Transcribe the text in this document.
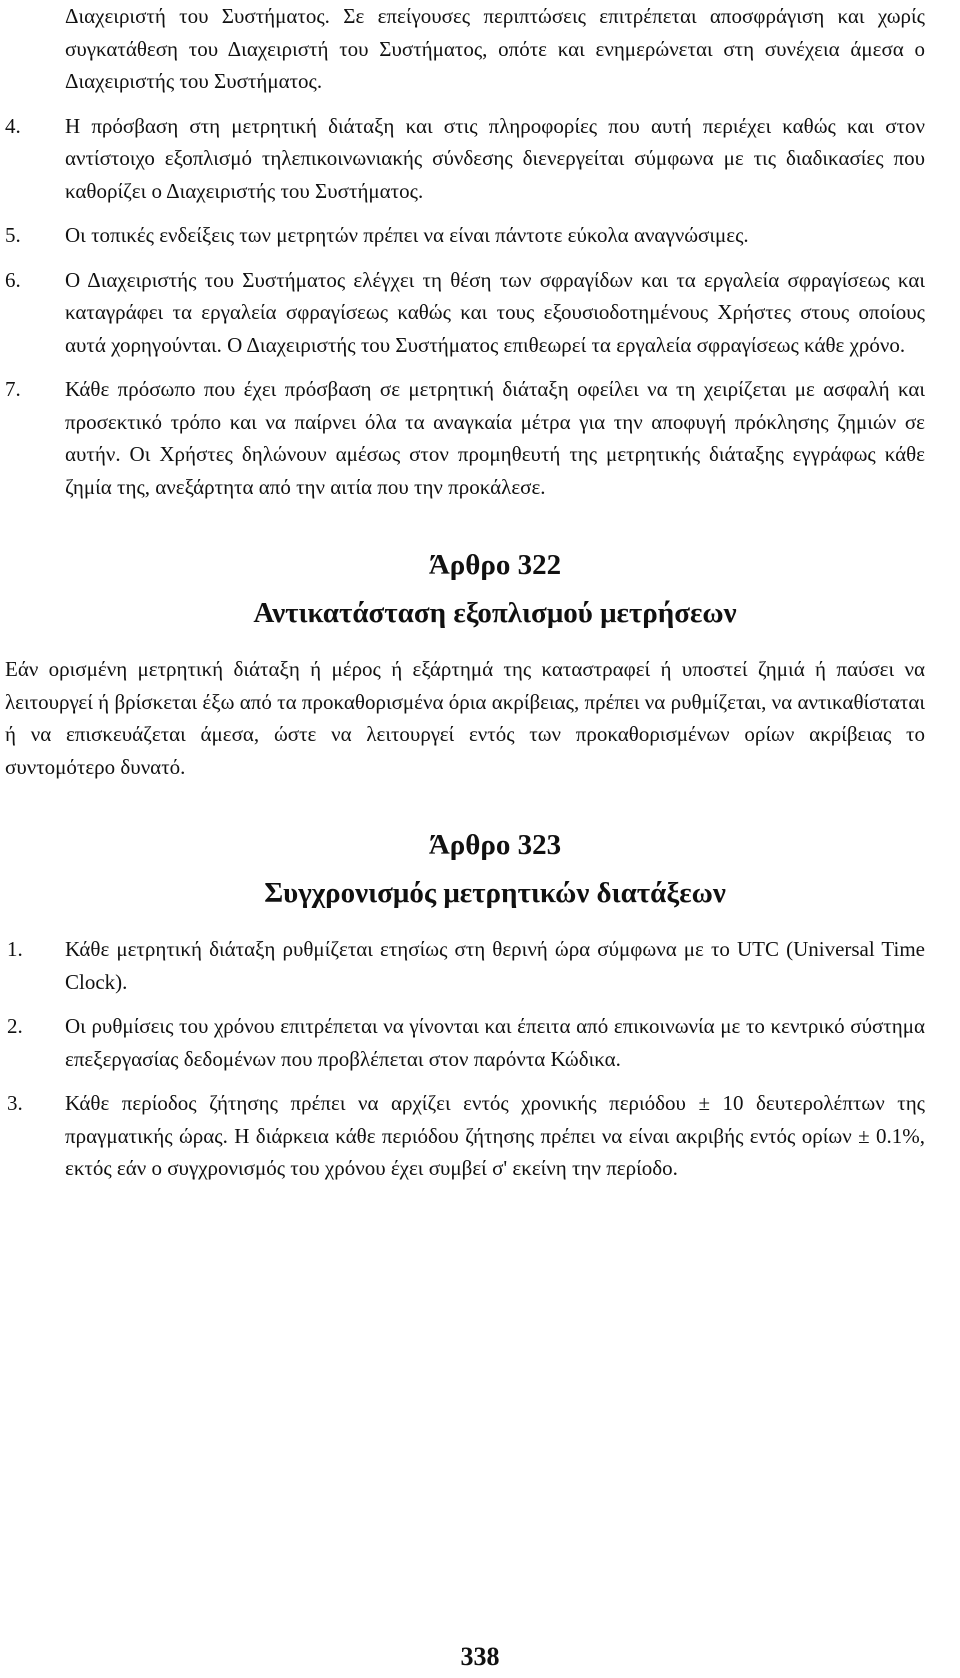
Διαχειριστή του Συστήματος. Σε επείγουσες περιπτώσεις επιτρέπεται αποσφράγιση και χωρίς συγκατάθεση του Διαχειριστή του Συστήματος, οπότε και ενημερώνεται στη συνέχεια άμεσα ο Διαχειριστής του Συστήματος.

4. Η πρόσβαση στη μετρητική διάταξη και στις πληροφορίες που αυτή περιέχει καθώς και στον αντίστοιχο εξοπλισμό τηλεπικοινωνιακής σύνδεσης διενεργείται σύμφωνα με τις διαδικασίες που καθορίζει ο Διαχειριστής του Συστήματος.

5. Οι τοπικές ενδείξεις των μετρητών πρέπει να είναι πάντοτε εύκολα αναγνώσιμες.

6. Ο Διαχειριστής του Συστήματος ελέγχει τη θέση των σφραγίδων και τα εργαλεία σφραγίσεως και καταγράφει τα εργαλεία σφραγίσεως καθώς και τους εξουσιοδοτημένους Χρήστες στους οποίους αυτά χορηγούνται. Ο Διαχειριστής του Συστήματος επιθεωρεί τα εργαλεία σφραγίσεως κάθε χρόνο.

7. Κάθε πρόσωπο που έχει πρόσβαση σε μετρητική διάταξη οφείλει να τη χειρίζεται με ασφαλή και προσεκτικό τρόπο και να παίρνει όλα τα αναγκαία μέτρα για την αποφυγή πρόκλησης ζημιών σε αυτήν. Οι Χρήστες δηλώνουν αμέσως στον προμηθευτή της μετρητικής διάταξης εγγράφως κάθε ζημία της, ανεξάρτητα από την αιτία που την προκάλεσε.

Άρθρο 322
Αντικατάσταση εξοπλισμού μετρήσεων

Εάν ορισμένη μετρητική διάταξη ή μέρος ή εξάρτημά της καταστραφεί ή υποστεί ζημιά ή παύσει να λειτουργεί ή βρίσκεται έξω από τα προκαθορισμένα όρια ακρίβειας, πρέπει να ρυθμίζεται, να αντικαθίσταται ή να επισκευάζεται άμεσα, ώστε να λειτουργεί εντός των προκαθορισμένων ορίων ακρίβειας το συντομότερο δυνατό.

Άρθρο 323
Συγχρονισμός μετρητικών διατάξεων

1. Κάθε μετρητική διάταξη ρυθμίζεται ετησίως στη θερινή ώρα σύμφωνα με το UTC (Universal Time Clock).

2. Οι ρυθμίσεις του χρόνου επιτρέπεται να γίνονται και έπειτα από επικοινωνία με το κεντρικό σύστημα επεξεργασίας δεδομένων που προβλέπεται στον παρόντα Κώδικα.

3. Κάθε περίοδος ζήτησης πρέπει να αρχίζει εντός χρονικής περιόδου ± 10 δευτερολέπτων της πραγματικής ώρας. Η διάρκεια κάθε περιόδου ζήτησης πρέπει να είναι ακριβής εντός ορίων ± 0.1%, εκτός εάν ο συγχρονισμός του χρόνου έχει συμβεί σ' εκείνη την περίοδο.

338
